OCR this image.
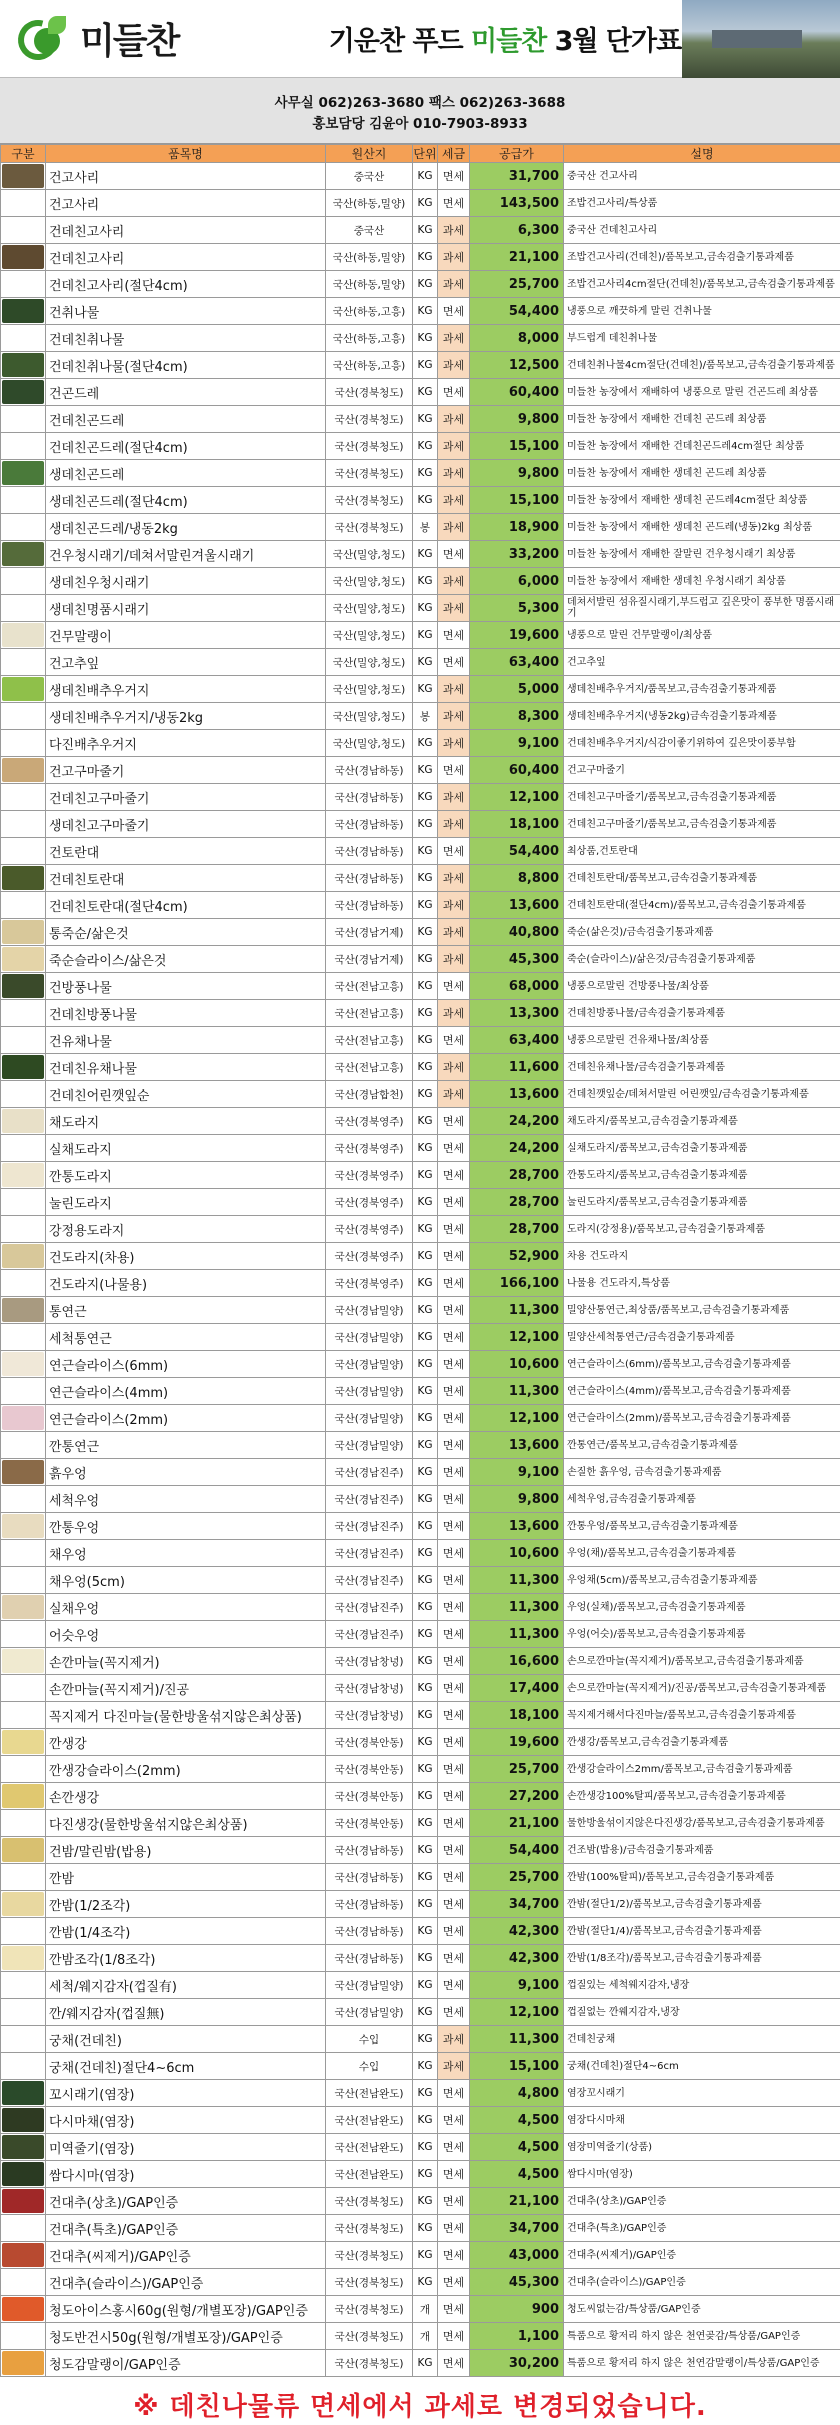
미들찬	기운찬 푸드 미들찬 3월 단가표
사무실 062)263-3680 팩스 062)263-3688
홍보담당 김윤아 010-7903-8933
구분	품목명	원산지	단위	세금	공급가	설명

	건고사리	중국산	KG	면세	31,700	중국산 건고사리

	건고사리	국산(하동,밀양)	KG	면세	143,500	조밥건고사리/특상품

	건데친고사리	중국산	KG	과세	6,300	중국산 건데친고사리

	건데친고사리	국산(하동,밀양)	KG	과세	21,100	조밥건고사리(건데친)/품목보고,금속검출기통과제품

	건데친고사리(절단4cm)	국산(하동,밀양)	KG	과세	25,700	조밥건고사리4cm절단(건데친)/품목보고,금속검출기통과제품

	건취나물	국산(하동,고흥)	KG	면세	54,400	냉풍으로 깨끗하게 말린 건취나물

	건데친취나물	국산(하동,고흥)	KG	과세	8,000	부드럽게 데친취나물

	건데친취나물(절단4cm)	국산(하동,고흥)	KG	과세	12,500	건데친취나물4cm절단(건데친)/품목보고,금속검출기통과제품

	건곤드레	국산(경북청도)	KG	면세	60,400	미들찬 농장에서 재배하여 냉풍으로 말린 건곤드레 최상품

	건데친곤드레	국산(경북청도)	KG	과세	9,800	미들찬 농장에서 재배한 건데친 곤드레 최상품

	건데친곤드레(절단4cm)	국산(경북청도)	KG	과세	15,100	미들찬 농장에서 재배한 건데친곤드레4cm절단 최상품

	생데친곤드레	국산(경북청도)	KG	과세	9,800	미들찬 농장에서 재배한 생데친 곤드레 최상품

	생데친곤드레(절단4cm)	국산(경북청도)	KG	과세	15,100	미들찬 농장에서 재배한 생데친 곤드레4cm절단 최상품

	생데친곤드레/냉동2kg	국산(경북청도)	봉	과세	18,900	미들찬 농장에서 재배한 생데친 곤드레(냉동)2kg 최상품

	건우청시래기/데쳐서말린겨울시래기	국산(밀양,청도)	KG	면세	33,200	미들찬 농장에서 재배한 잘말린 건우청시래기 최상품

	생데친우청시래기	국산(밀양,청도)	KG	과세	6,000	미들찬 농장에서 재배한 생데친 우청시래기 최상품

	생데친명품시래기	국산(밀양,청도)	KG	과세	5,300	데쳐서발린 섬유질시래기,부드럽고 깊은맛이 풍부한 명품시래기

	건무말랭이	국산(밀양,청도)	KG	면세	19,600	냉풍으로 말린 건무말랭이/최상품

	건고추잎	국산(밀양,청도)	KG	면세	63,400	건고추잎

	생데친배추우거지	국산(밀양,청도)	KG	과세	5,000	생데친배추우거지/품목보고,금속검출기통과제품

	생데친배추우거지/냉동2kg	국산(밀양,청도)	봉	과세	8,300	생데친배추우거지(냉동2kg)금속검출기통과제품

	다진배추우거지	국산(밀양,청도)	KG	과세	9,100	건데친배추우거지/식감이좋기위하여 깊은맛이풍부함

	건고구마줄기	국산(경남하동)	KG	면세	60,400	건고구마줄기

	건데친고구마줄기	국산(경남하동)	KG	과세	12,100	건데친고구마줄기/품목보고,금속검출기통과제품

	생데친고구마줄기	국산(경남하동)	KG	과세	18,100	건데친고구마줄기/품목보고,금속검출기통과제품

	건토란대	국산(경남하동)	KG	면세	54,400	최상품,건토란대

	건데친토란대	국산(경남하동)	KG	과세	8,800	건데친토란대/품목보고,금속검출기통과제품

	건데친토란대(절단4cm)	국산(경남하동)	KG	과세	13,600	건데친토란대(절단4cm)/품목보고,금속검출기통과제품

	통죽순/삶은것	국산(경남거제)	KG	과세	40,800	죽순(삶은것)/금속검출기통과제품

	죽순슬라이스/삶은것	국산(경남거제)	KG	과세	45,300	죽순(슬라이스)/삶은것/금속검출기통과제품

	건방풍나물	국산(전남고흥)	KG	면세	68,000	냉풍으로말린 건방풍나물/최상품

	건데친방풍나물	국산(전남고흥)	KG	과세	13,300	건데친방풍나물/금속검출기통과제품

	건유채나물	국산(전남고흥)	KG	면세	63,400	냉풍으로말린 건유채나물/최상품

	건데친유채나물	국산(전남고흥)	KG	과세	11,600	건데친유채나물/금속검출기통과제품

	건데친어린깻잎순	국산(경남합천)	KG	과세	13,600	건데친깻잎순/데쳐서말린 어린깻잎/금속검출기통과제품

	채도라지	국산(경북영주)	KG	면세	24,200	채도라지/품목보고,금속검출기통과제품

	실채도라지	국산(경북영주)	KG	면세	24,200	실채도라지/품목보고,금속검출기통과제품

	깐통도라지	국산(경북영주)	KG	면세	28,700	깐통도라지/품목보고,금속검출기통과제품

	눌린도라지	국산(경북영주)	KG	면세	28,700	눌린도라지/품목보고,금속검출기통과제품

	강정용도라지	국산(경북영주)	KG	면세	28,700	도라지(강정용)/품목보고,금속검출기통과제품

	건도라지(차용)	국산(경북영주)	KG	면세	52,900	차용 건도라지

	건도라지(나물용)	국산(경북영주)	KG	면세	166,100	나물용 건도라지,특상품

	통연근	국산(경남밀양)	KG	면세	11,300	밀양산통연근,최상품/품목보고,금속검출기통과제품

	세척통연근	국산(경남밀양)	KG	면세	12,100	밀양산세척통연근/금속검출기통과제품

	연근슬라이스(6mm)	국산(경남밀양)	KG	면세	10,600	연근슬라이스(6mm)/품목보고,금속검출기통과제품

	연근슬라이스(4mm)	국산(경남밀양)	KG	면세	11,300	연근슬라이스(4mm)/품목보고,금속검출기통과제품

	연근슬라이스(2mm)	국산(경남밀양)	KG	면세	12,100	연근슬라이스(2mm)/품목보고,금속검출기통과제품

	깐통연근	국산(경남밀양)	KG	면세	13,600	깐통연근/품목보고,금속검출기통과제품

	흙우엉	국산(경남진주)	KG	면세	9,100	손질한 흙우엉, 금속검출기통과제품

	세척우엉	국산(경남진주)	KG	면세	9,800	세척우엉,금속검출기통과제품

	깐통우엉	국산(경남진주)	KG	면세	13,600	깐통우엉/품목보고,금속검출기통과제품

	채우엉	국산(경남진주)	KG	면세	10,600	우엉(채)/품목보고,금속검출기통과제품

	채우엉(5cm)	국산(경남진주)	KG	면세	11,300	우엉채(5cm)/품목보고,금속검출기통과제품

	실채우엉	국산(경남진주)	KG	면세	11,300	우엉(실채)/품목보고,금속검출기통과제품

	어슷우엉	국산(경남진주)	KG	면세	11,300	우엉(어슷)/품목보고,금속검출기통과제품

	손깐마늘(꼭지제거)	국산(경남창녕)	KG	면세	16,600	손으로깐마늘(꼭지제거)/품목보고,금속검출기통과제품

	손깐마늘(꼭지제거)/진공	국산(경남창녕)	KG	면세	17,400	손으로깐마늘(꼭지제거)/진공/품목보고,금속검출기통과제품

	꼭지제거 다진마늘(물한방울섞지않은최상품)	국산(경남창녕)	KG	면세	18,100	꼭지제거해서다진마늘/품목보고,금속검출기통과제품

	깐생강	국산(경북안동)	KG	면세	19,600	깐생강/품목보고,금속검출기통과제품

	깐생강슬라이스(2mm)	국산(경북안동)	KG	면세	25,700	깐생강슬라이스2mm/품목보고,금속검출기통과제품

	손깐생강	국산(경북안동)	KG	면세	27,200	손깐생강100%탈피/품목보고,금속검출기통과제품

	다진생강(물한방울섞지않은최상품)	국산(경북안동)	KG	면세	21,100	물한방울섞이지않은다진생강/품목보고,금속검출기통과제품

	건밤/말린밤(밥용)	국산(경남하동)	KG	면세	54,400	건조밤(밥용)/금속검출기통과제품

	깐밤	국산(경남하동)	KG	면세	25,700	깐밤(100%탈피)/품목보고,금속검출기통과제품

	깐밤(1/2조각)	국산(경남하동)	KG	면세	34,700	깐밤(절단1/2)/품목보고,금속검출기통과제품

	깐밤(1/4조각)	국산(경남하동)	KG	면세	42,300	깐밤(절단1/4)/품목보고,금속검출기통과제품

	깐밤조각(1/8조각)	국산(경남하동)	KG	면세	42,300	깐밤(1/8조각)/품목보고,금속검출기통과제품

	세척/웨지감자(껍질有)	국산(경남밀양)	KG	면세	9,100	껍질있는 세척웨지감자,냉장

	깐/웨지감자(껍질無)	국산(경남밀양)	KG	면세	12,100	껍질없는 깐웨지감자,냉장

	궁채(건데친)	수입	KG	과세	11,300	건데친궁채

	궁채(건데친)절단4~6cm	수입	KG	과세	15,100	궁채(건데친)절단4~6cm

	꼬시래기(염장)	국산(전남완도)	KG	면세	4,800	염장꼬시래기

	다시마채(염장)	국산(전남완도)	KG	면세	4,500	염장다시마채

	미역줄기(염장)	국산(전남완도)	KG	면세	4,500	염장미역줄기(상품)

	쌈다시마(염장)	국산(전남완도)	KG	면세	4,500	쌈다시마(염장)

	건대추(상초)/GAP인증	국산(경북청도)	KG	면세	21,100	건대추(상초)/GAP인증

	건대추(특초)/GAP인증	국산(경북청도)	KG	면세	34,700	건대추(특초)/GAP인증

	건대추(씨제거)/GAP인증	국산(경북청도)	KG	면세	43,000	건대추(씨제거)/GAP인증

	건대추(슬라이스)/GAP인증	국산(경북청도)	KG	면세	45,300	건대추(슬라이스)/GAP인증

	청도아이스홍시60g(원형/개별포장)/GAP인증	국산(경북청도)	개	면세	900	청도씨없는감/특상품/GAP인증

	청도반건시50g(원형/개별포장)/GAP인증	국산(경북청도)	개	면세	1,100	특품으로 황저리 하지 않은 천연곶감/특상품/GAP인증

	청도감말랭이/GAP인증	국산(경북청도)	KG	면세	30,200	특품으로 황저리 하지 않은 천연감말랭이/특상품/GAP인증
※ 데친나물류 면세에서 과세로 변경되었습니다.
